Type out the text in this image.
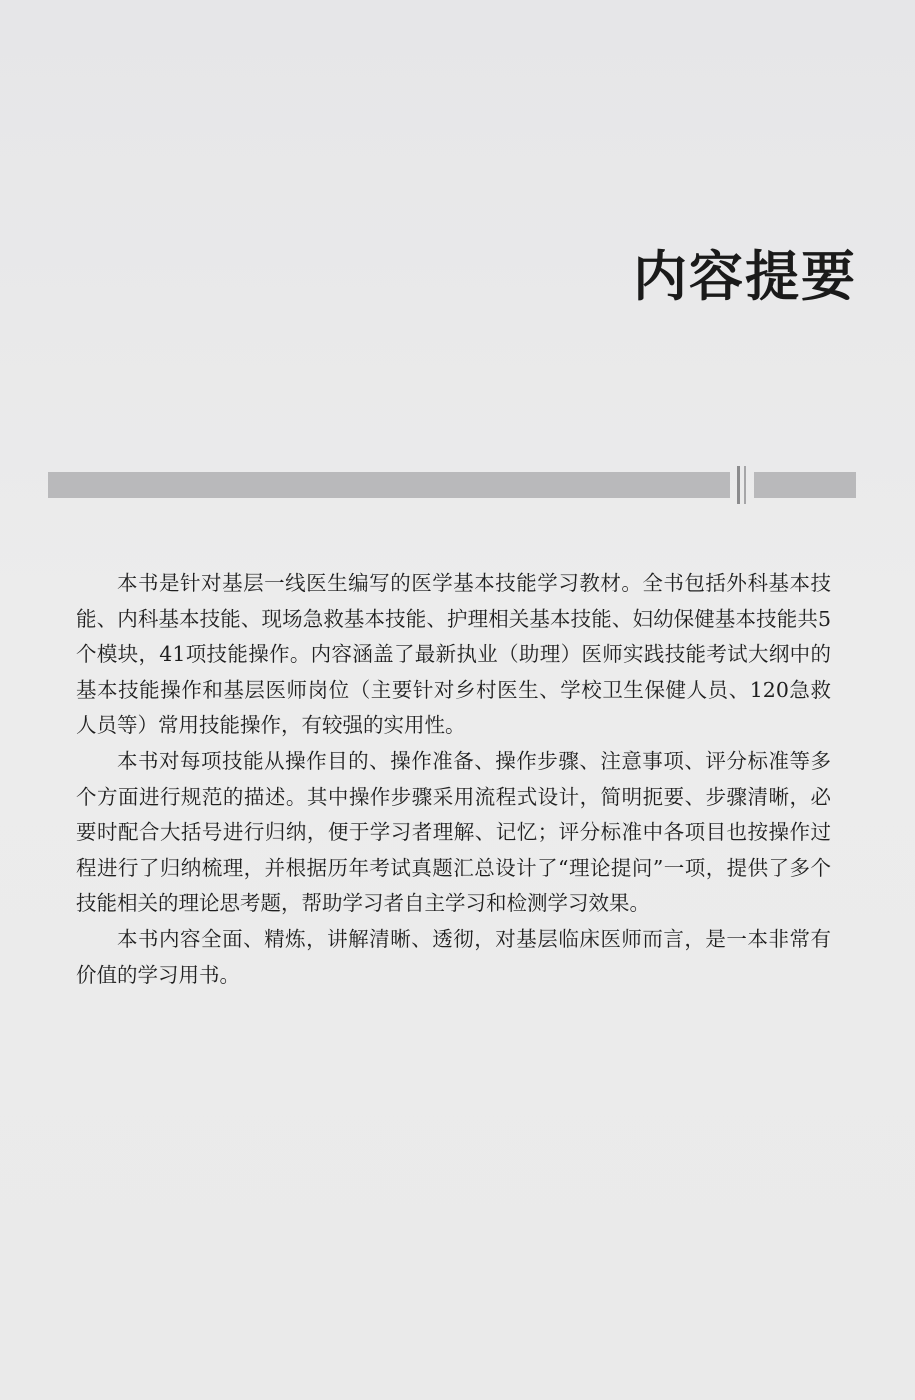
内容提要

本书是针对基层一线医生编写的医学基本技能学习教材。全书包括外科基本技能、内科基本技能、现场急救基本技能、护理相关基本技能、妇幼保健基本技能共5个模块，41项技能操作。内容涵盖了最新执业（助理）医师实践技能考试大纲中的基本技能操作和基层医师岗位（主要针对乡村医生、学校卫生保健人员、120急救人员等）常用技能操作，有较强的实用性。

本书对每项技能从操作目的、操作准备、操作步骤、注意事项、评分标准等多个方面进行规范的描述。其中操作步骤采用流程式设计，简明扼要、步骤清晰，必要时配合大括号进行归纳，便于学习者理解、记忆；评分标准中各项目也按操作过程进行了归纳梳理，并根据历年考试真题汇总设计了“理论提问”一项，提供了多个技能相关的理论思考题，帮助学习者自主学习和检测学习效果。

本书内容全面、精炼，讲解清晰、透彻，对基层临床医师而言，是一本非常有价值的学习用书。
